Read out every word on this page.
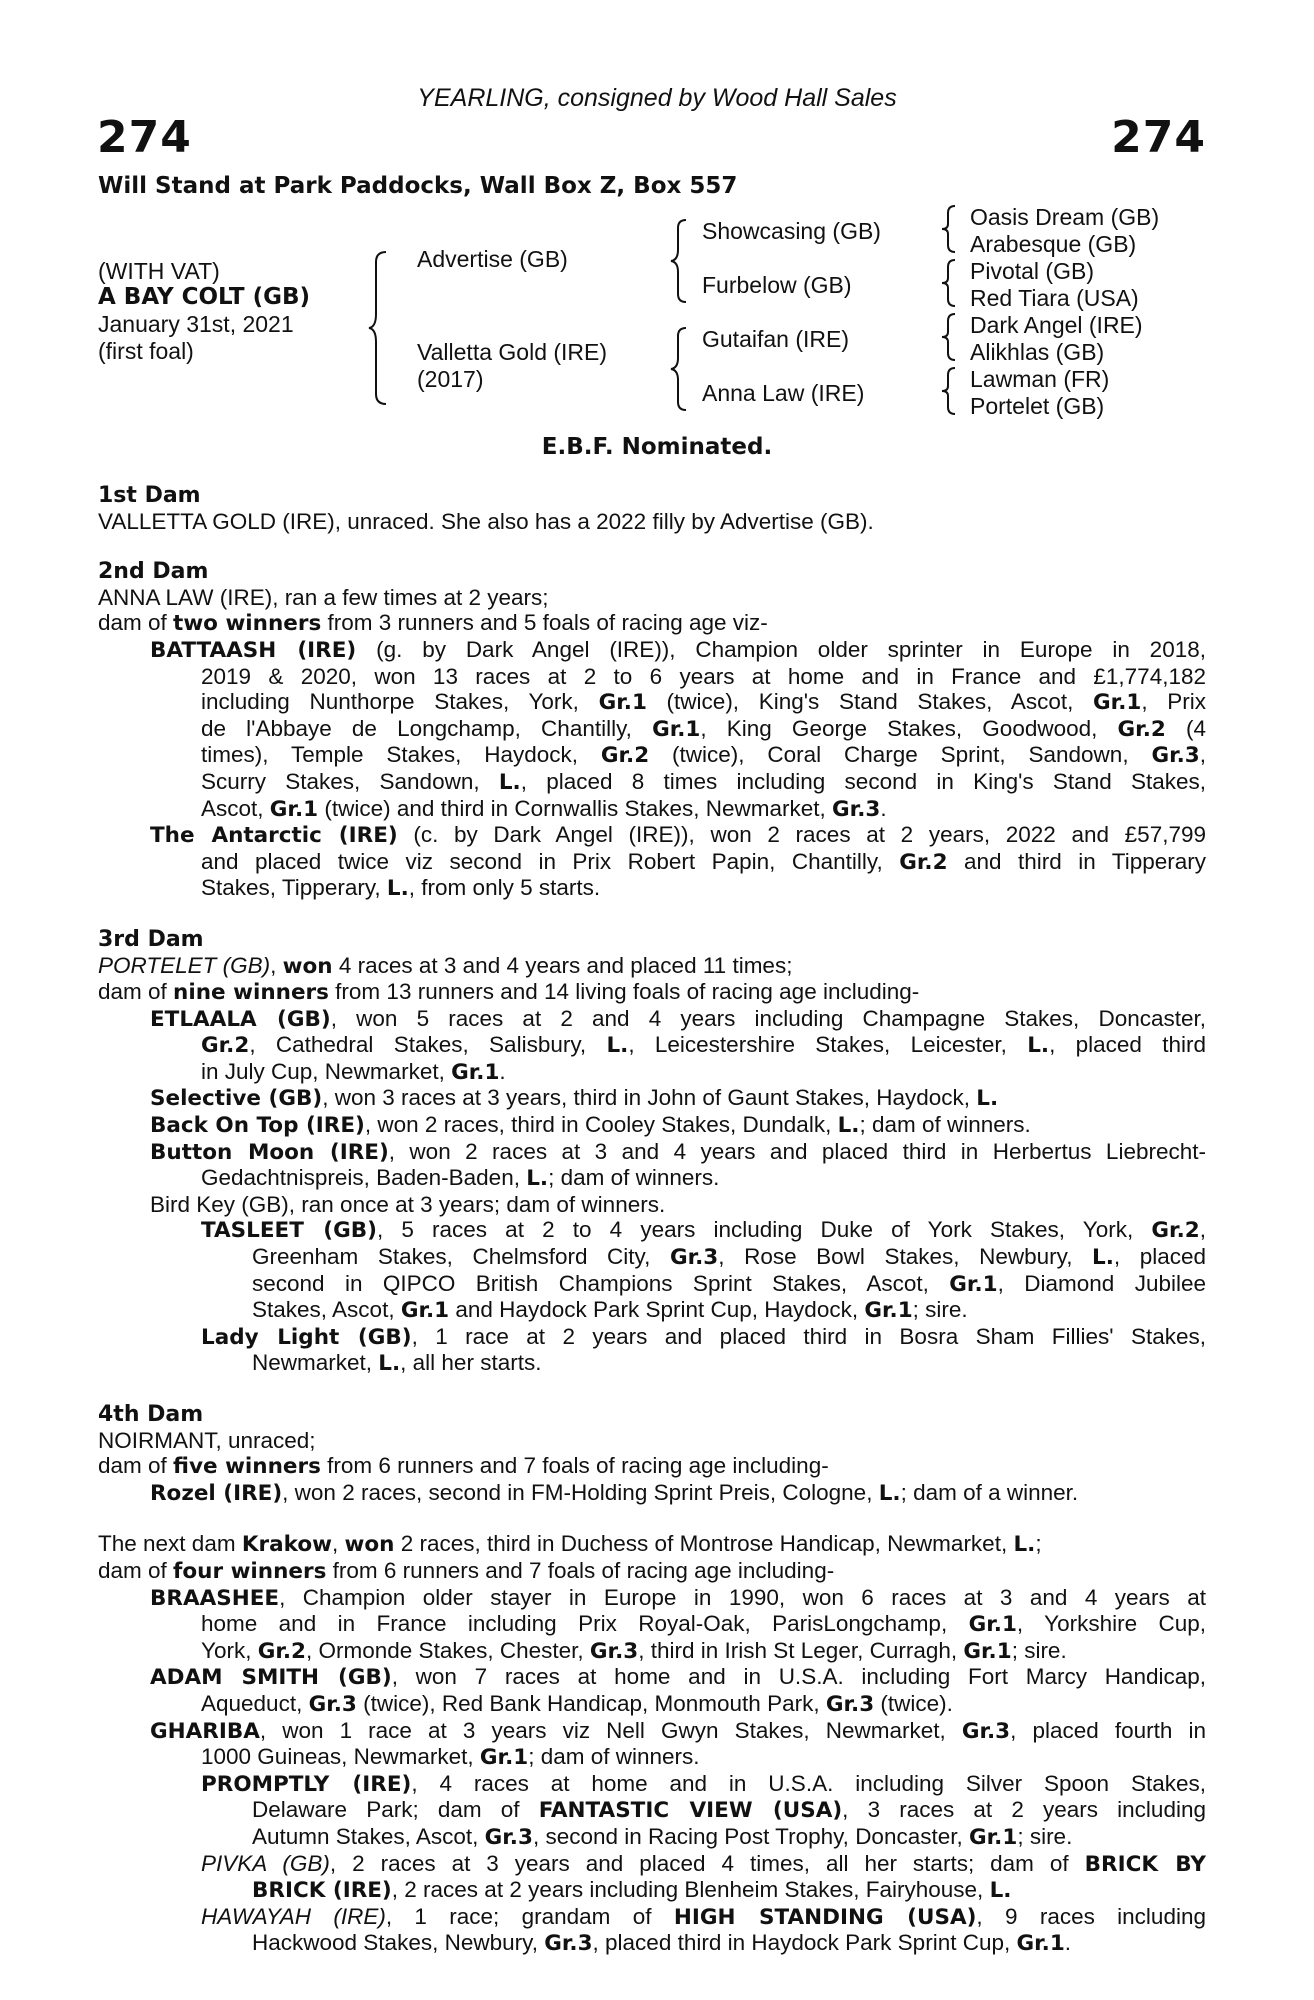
YEARLING, consigned by Wood Hall Sales
274	274
Will Stand at Park Paddocks, Wall Box Z, Box 557
(WITH VAT)
A BAY COLT (GB)
January 31st, 2021
(first foal)
Advertise (GB)
Valletta Gold (IRE)
(2017)
Showcasing (GB)
Furbelow (GB)
Gutaifan (IRE)
Anna Law (IRE)
Oasis Dream (GB)
Arabesque (GB)
Pivotal (GB)
Red Tiara (USA)
Dark Angel (IRE)
Alikhlas (GB)
Lawman (FR)
Portelet (GB)
E.B.F. Nominated.
1st Dam
VALLETTA GOLD (IRE), unraced. She also has a 2022 filly by Advertise (GB).
2nd Dam
ANNA LAW (IRE), ran a few times at 2 years;
dam of two winners from 3 runners and 5 foals of racing age viz-
BATTAASH (IRE) (g. by Dark Angel (IRE)), Champion older sprinter in Europe in 2018,
2019 & 2020, won 13 races at 2 to 6 years at home and in France and £1,774,182
including Nunthorpe Stakes, York, Gr.1 (twice), King's Stand Stakes, Ascot, Gr.1, Prix
de l'Abbaye de Longchamp, Chantilly, Gr.1, King George Stakes, Goodwood, Gr.2 (4
times), Temple Stakes, Haydock, Gr.2 (twice), Coral Charge Sprint, Sandown, Gr.3,
Scurry Stakes, Sandown, L., placed 8 times including second in King's Stand Stakes,
Ascot, Gr.1 (twice) and third in Cornwallis Stakes, Newmarket, Gr.3.
The Antarctic (IRE) (c. by Dark Angel (IRE)), won 2 races at 2 years, 2022 and £57,799
and placed twice viz second in Prix Robert Papin, Chantilly, Gr.2 and third in Tipperary
Stakes, Tipperary, L., from only 5 starts.
3rd Dam
PORTELET (GB), won 4 races at 3 and 4 years and placed 11 times;
dam of nine winners from 13 runners and 14 living foals of racing age including-
ETLAALA (GB), won 5 races at 2 and 4 years including Champagne Stakes, Doncaster,
Gr.2, Cathedral Stakes, Salisbury, L., Leicestershire Stakes, Leicester, L., placed third
in July Cup, Newmarket, Gr.1.
Selective (GB), won 3 races at 3 years, third in John of Gaunt Stakes, Haydock, L.
Back On Top (IRE), won 2 races, third in Cooley Stakes, Dundalk, L.; dam of winners.
Button Moon (IRE), won 2 races at 3 and 4 years and placed third in Herbertus Liebrecht-
Gedachtnispreis, Baden-Baden, L.; dam of winners.
Bird Key (GB), ran once at 3 years; dam of winners.
TASLEET (GB), 5 races at 2 to 4 years including Duke of York Stakes, York, Gr.2,
Greenham Stakes, Chelmsford City, Gr.3, Rose Bowl Stakes, Newbury, L., placed
second in QIPCO British Champions Sprint Stakes, Ascot, Gr.1, Diamond Jubilee
Stakes, Ascot, Gr.1 and Haydock Park Sprint Cup, Haydock, Gr.1; sire.
Lady Light (GB), 1 race at 2 years and placed third in Bosra Sham Fillies' Stakes,
Newmarket, L., all her starts.
4th Dam
NOIRMANT, unraced;
dam of five winners from 6 runners and 7 foals of racing age including-
Rozel (IRE), won 2 races, second in FM-Holding Sprint Preis, Cologne, L.; dam of a winner.
The next dam Krakow, won 2 races, third in Duchess of Montrose Handicap, Newmarket, L.;
dam of four winners from 6 runners and 7 foals of racing age including-
BRAASHEE, Champion older stayer in Europe in 1990, won 6 races at 3 and 4 years at
home and in France including Prix Royal-Oak, ParisLongchamp, Gr.1, Yorkshire Cup,
York, Gr.2, Ormonde Stakes, Chester, Gr.3, third in Irish St Leger, Curragh, Gr.1; sire.
ADAM SMITH (GB), won 7 races at home and in U.S.A. including Fort Marcy Handicap,
Aqueduct, Gr.3 (twice), Red Bank Handicap, Monmouth Park, Gr.3 (twice).
GHARIBA, won 1 race at 3 years viz Nell Gwyn Stakes, Newmarket, Gr.3, placed fourth in
1000 Guineas, Newmarket, Gr.1; dam of winners.
PROMPTLY (IRE), 4 races at home and in U.S.A. including Silver Spoon Stakes,
Delaware Park; dam of FANTASTIC VIEW (USA), 3 races at 2 years including
Autumn Stakes, Ascot, Gr.3, second in Racing Post Trophy, Doncaster, Gr.1; sire.
PIVKA (GB), 2 races at 3 years and placed 4 times, all her starts; dam of BRICK BY
BRICK (IRE), 2 races at 2 years including Blenheim Stakes, Fairyhouse, L.
HAWAYAH (IRE), 1 race; grandam of HIGH STANDING (USA), 9 races including
Hackwood Stakes, Newbury, Gr.3, placed third in Haydock Park Sprint Cup, Gr.1.
